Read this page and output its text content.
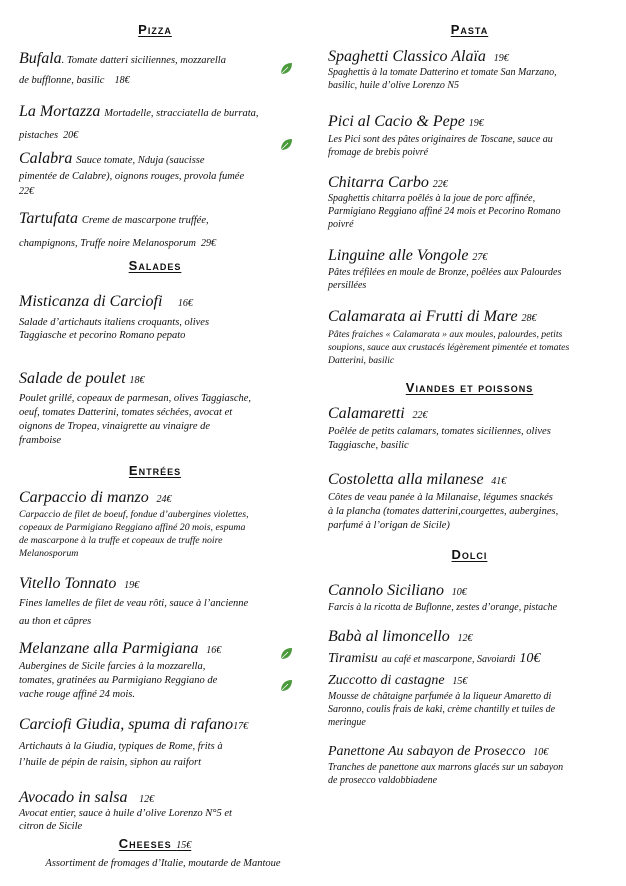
Pizza
Bufala. Tomate datteri siciliennes, mozzarella
de bufflonne, basilic 18€
La Mortazza Mortadelle, stracciatella de burrata,
pistaches 20€
Calabra Sauce tomate, Nduja (saucisse
pimentée de Calabre), oignons rouges, provola fumée
22€
Tartufata Creme de mascarpone truffée,
champignons, Truffe noire Melanosporum 29€
Salades
Misticanza di Carciofi 16€
Salade d’artichauts italiens croquants, olives
Taggiasche et pecorino Romano pepato
Salade de poulet 18€
Poulet grillé, copeaux de parmesan, olives Taggiasche,
oeuf, tomates Datterini, tomates séchées, avocat et
oignons de Tropea, vinaigrette au vinaigre de
framboise
Entrées
Carpaccio di manzo 24€
Carpaccio de filet de boeuf, fondue d’aubergines violettes,
copeaux de Parmigiano Reggiano affiné 20 mois, espuma
de mascarpone à la truffe et copeaux de truffe noire
Melanosporum
Vitello Tonnato 19€
Fines lamelles de filet de veau rôti, sauce à l’ancienne
au thon et câpres
Melanzane alla Parmigiana 16€
Aubergines de Sicile farcies à la mozzarella,
tomates, gratinées au Parmigiano Reggiano de
vache rouge affiné 24 mois.
Carciofi Giudia, spuma di rafano17€
Artichauts à la Giudia, typiques de Rome, frits à
l’huile de pépin de raisin, siphon au raifort
Avocado in salsa 12€
Avocat entier, sauce à huile d’olive Lorenzo N°5 et
citron de Sicile
Cheeses 15€
Assortiment de fromages d’Italie, moutarde de Mantoue
Pasta
Spaghetti Classico Alaïa 19€
Spaghettis à la tomate Datterino et tomate San Marzano,
basilic, huile d’olive Lorenzo N5
Pici al Cacio & Pepe 19€
Les Pici sont des pâtes originaires de Toscane, sauce au
fromage de brebis poivré
Chitarra Carbo 22€
Spaghettis chitarra poêlés à la joue de porc affinée,
Parmigiano Reggiano affiné 24 mois et Pecorino Romano
poivré
Linguine alle Vongole 27€
Pâtes tréfilées en moule de Bronze, poêlées aux Palourdes
persillées
Calamarata ai Frutti di Mare 28€
Pâtes fraiches « Calamarata » aux moules, palourdes, petits
soupions, sauce aux crustacés légèrement pimentée et tomates
Datterini, basilic
Viandes et poissons
Calamaretti 22€
Poêlée de petits calamars, tomates siciliennes, olives
Taggiasche, basilic
Costoletta alla milanese 41€
Côtes de veau panée à la Milanaise, légumes snackés
à la plancha (tomates datterini,courgettes, aubergines,
parfumé à l’origan de Sicile)
Dolci
Cannolo Siciliano 10€
Farcis à la ricotta de Buflonne, zestes d’orange, pistache
Babà al limoncello 12€
Tiramisu au café et mascarpone, Savoiardi 10€
Zuccotto di castagne 15€
Mousse de châtaigne parfumée à la liqueur Amaretto di
Saronno, coulis frais de kaki, crème chantilly et tuiles de
meringue
Panettone Au sabayon de Prosecco 10€
Tranches de panettone aux marrons glacés sur un sabayon
de prosecco valdobbiadene
